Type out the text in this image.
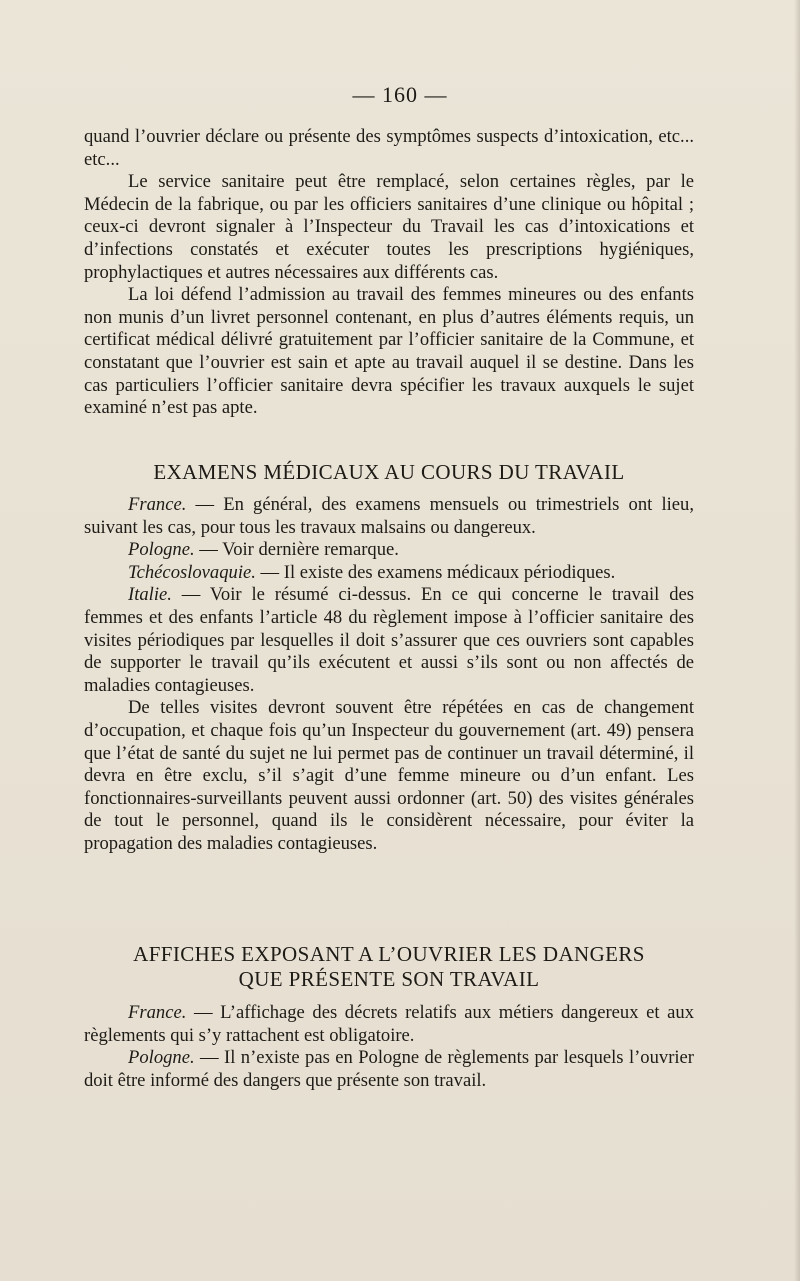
— 160 —

quand l’ouvrier déclare ou présente des symptômes suspects d’intoxication, etc... etc...

Le service sanitaire peut être remplacé, selon certaines règles, par le Médecin de la fabrique, ou par les officiers sanitaires d’une clinique ou hôpital ; ceux-ci devront signaler à l’Inspecteur du Travail les cas d’intoxications et d’infections constatés et exécuter toutes les prescriptions hygiéniques, prophylactiques et autres nécessaires aux différents cas.

La loi défend l’admission au travail des femmes mineures ou des enfants non munis d’un livret personnel contenant, en plus d’autres éléments requis, un certificat médical délivré gratuitement par l’officier sanitaire de la Commune, et constatant que l’ouvrier est sain et apte au travail auquel il se destine. Dans les cas particuliers l’officier sanitaire devra spécifier les travaux auxquels le sujet examiné n’est pas apte.

EXAMENS MÉDICAUX AU COURS DU TRAVAIL

France. — En général, des examens mensuels ou trimestriels ont lieu, suivant les cas, pour tous les travaux malsains ou dangereux.

Pologne. — Voir dernière remarque.

Tchécoslovaquie. — Il existe des examens médicaux périodiques.

Italie. — Voir le résumé ci-dessus. En ce qui concerne le travail des femmes et des enfants l’article 48 du règlement impose à l’officier sanitaire des visites périodiques par lesquelles il doit s’assurer que ces ouvriers sont capables de supporter le travail qu’ils exécutent et aussi s’ils sont ou non affectés de maladies contagieuses.

De telles visites devront souvent être répétées en cas de changement d’occupation, et chaque fois qu’un Inspecteur du gouvernement (art. 49) pensera que l’état de santé du sujet ne lui permet pas de continuer un travail déterminé, il devra en être exclu, s’il s’agit d’une femme mineure ou d’un enfant. Les fonctionnaires-surveillants peuvent aussi ordonner (art. 50) des visites générales de tout le personnel, quand ils le considèrent nécessaire, pour éviter la propagation des maladies contagieuses.

AFFICHES EXPOSANT A L’OUVRIER LES DANGERS
QUE PRÉSENTE SON TRAVAIL

France. — L’affichage des décrets relatifs aux métiers dangereux et aux règlements qui s’y rattachent est obligatoire.

Pologne. — Il n’existe pas en Pologne de règlements par lesquels l’ouvrier doit être informé des dangers que présente son travail.
